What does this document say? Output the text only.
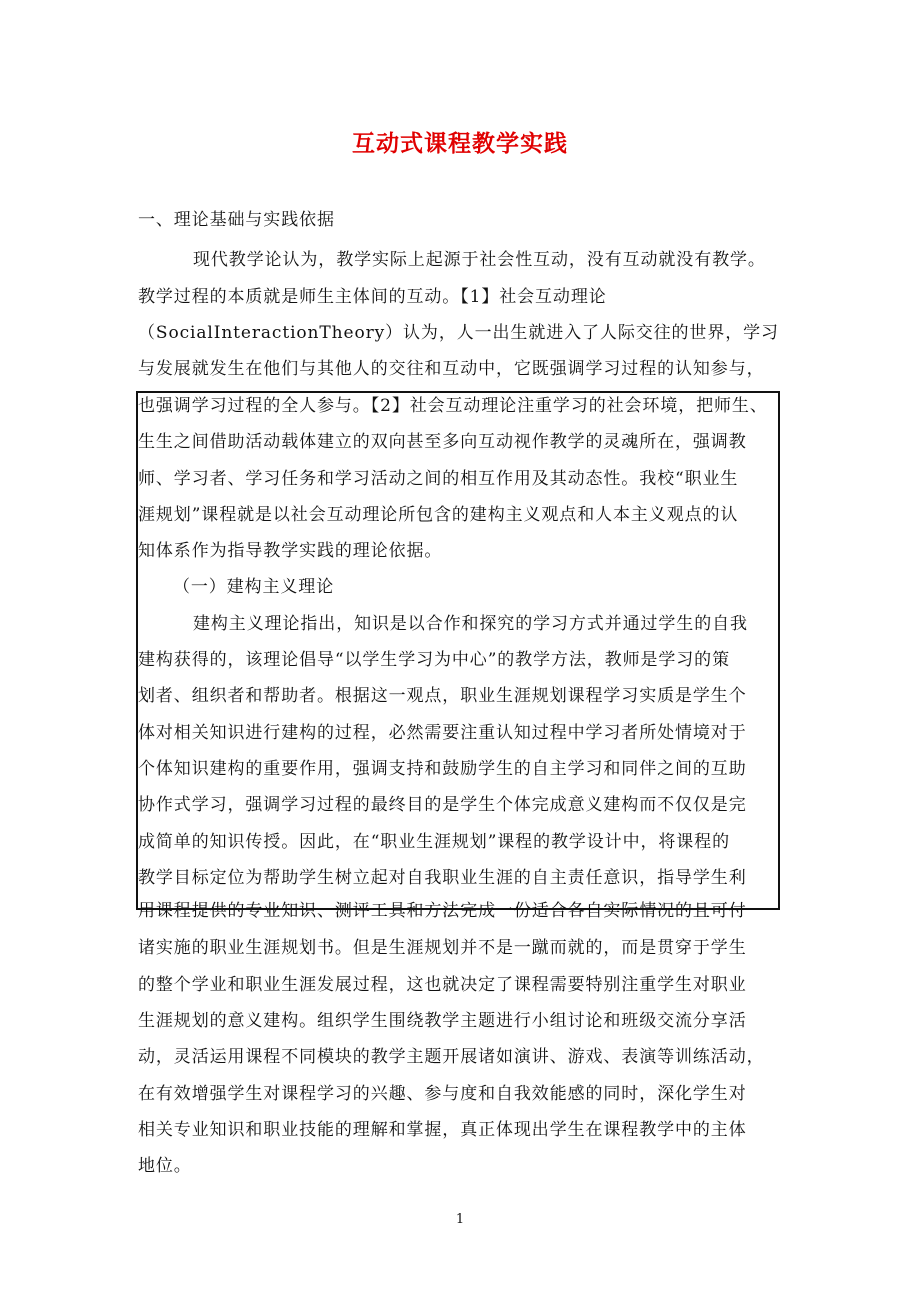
互动式课程教学实践
一、理论基础与实践依据
现代教学论认为，教学实际上起源于社会性互动，没有互动就没有教学。
教学过程的本质就是师生主体间的互动。【1】社会互动理论
（SocialInteractionTheory）认为，人一出生就进入了人际交往的世界，学习
与发展就发生在他们与其他人的交往和互动中，它既强调学习过程的认知参与，
也强调学习过程的全人参与。【2】社会互动理论注重学习的社会环境，把师生、
生生之间借助活动载体建立的双向甚至多向互动视作教学的灵魂所在，强调教
师、学习者、学习任务和学习活动之间的相互作用及其动态性。我校“职业生
涯规划”课程就是以社会互动理论所包含的建构主义观点和人本主义观点的认
知体系作为指导教学实践的理论依据。
（一）建构主义理论
建构主义理论指出，知识是以合作和探究的学习方式并通过学生的自我
建构获得的，该理论倡导“以学生学习为中心”的教学方法，教师是学习的策
划者、组织者和帮助者。根据这一观点，职业生涯规划课程学习实质是学生个
体对相关知识进行建构的过程，必然需要注重认知过程中学习者所处情境对于
个体知识建构的重要作用，强调支持和鼓励学生的自主学习和同伴之间的互助
协作式学习，强调学习过程的最终目的是学生个体完成意义建构而不仅仅是完
成简单的知识传授。因此，在“职业生涯规划”课程的教学设计中，将课程的
教学目标定位为帮助学生树立起对自我职业生涯的自主责任意识，指导学生利
用课程提供的专业知识、测评工具和方法完成一份适合各自实际情况的且可付
诸实施的职业生涯规划书。但是生涯规划并不是一蹴而就的，而是贯穿于学生
的整个学业和职业生涯发展过程，这也就决定了课程需要特别注重学生对职业
生涯规划的意义建构。组织学生围绕教学主题进行小组讨论和班级交流分享活
动，灵活运用课程不同模块的教学主题开展诸如演讲、游戏、表演等训练活动，
在有效增强学生对课程学习的兴趣、参与度和自我效能感的同时，深化学生对
相关专业知识和职业技能的理解和掌握，真正体现出学生在课程教学中的主体
地位。
1
